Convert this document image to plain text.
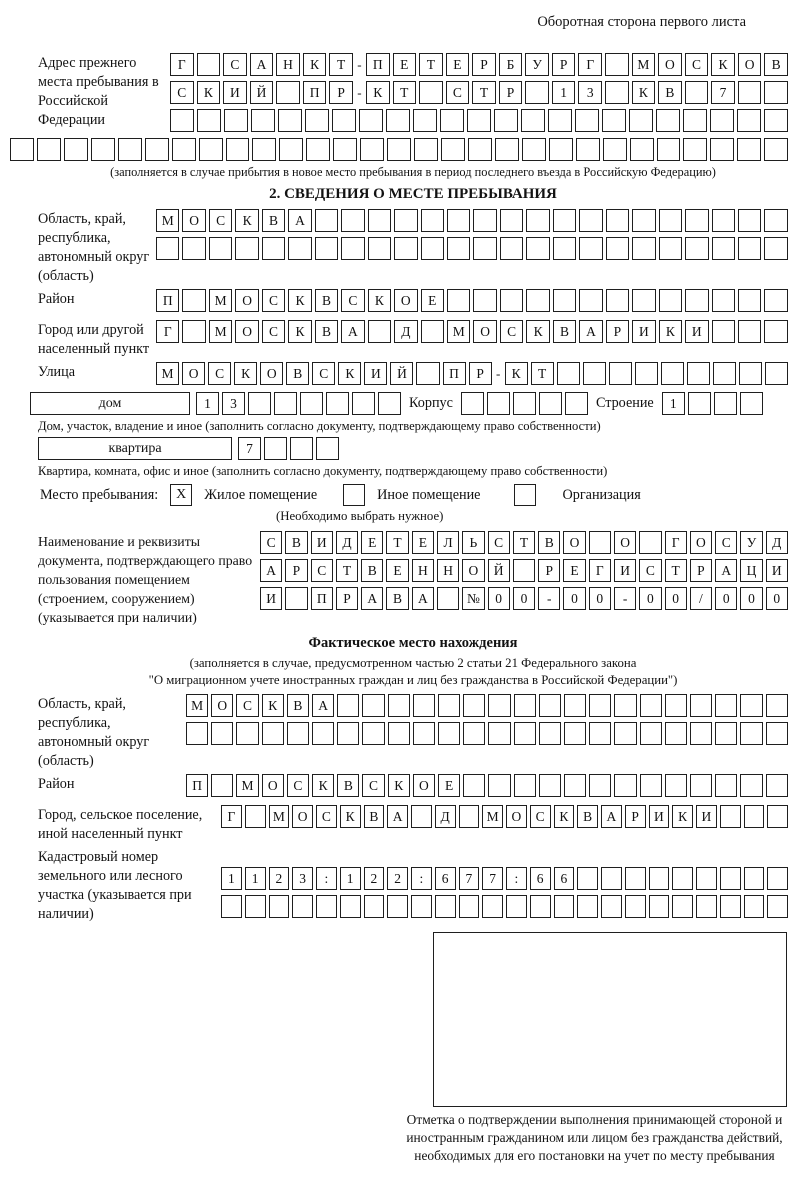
Оборотная сторона первого листа
Адрес прежнего места пребывания в Российской Федерации
Г	С	А	Н	К	Т - П	Е	Т	Е	Р	Б	У	Р	Г	М	О	С	К	О	В
С	К	И	Й	П	Р - К	Т	С	Т	Р	1	3	К	В	7
(заполняется в случае прибытия в новое место пребывания в период последнего въезда в Российскую Федерацию)
2. СВЕДЕНИЯ О МЕСТЕ ПРЕБЫВАНИЯ
Область, край, республика, автономный округ (область)
М	О	С	К	В	А
Район	П	М	О	С	К	В	С	К	О	Е
Город или другой населенный пункт
Г	М	О	С	К	В	А	Д	М	О	С	К	В	А	Р	И	К	И
Улица	М	О	С	К	О	В	С	К	И	Й	П	Р - К	Т
дом	1	3	Корпус	Строение	1
Дом, участок, владение и иное (заполнить согласно документу, подтверждающему право собственности)
квартира	7
Квартира, комната, офис и иное (заполнить согласно документу, подтверждающему право собственности)
Место пребывания:	X	Жилое помещение	Иное помещение	Организация
(Необходимо выбрать нужное)
Наименование и реквизиты документа, подтверждающего право пользования помещением (строением, сооружением) (указывается при наличии)
С	В	И	Д	Е	Т	Е	Л	Ь	С	Т	В	О	О	Г	О	С	У	Д
А	Р	С	Т	В	Е	Н	Н	О	Й	Р	Е	Г	И	С	Т	Р	А	Ц	И
И	П	Р	А	В	А	№	0	0	-	0	0	-	0	0	/	0	0	0
Фактическое место нахождения
(заполняется в случае, предусмотренном частью 2 статьи 21 Федерального закона
"О миграционном учете иностранных граждан и лиц без гражданства в Российской Федерации")
Область, край, республика, автономный округ (область)
М	О	С	К	В	А
Район	П	М	О	С	К	В	С	К	О	Е
Город, сельское поселение, иной населенный пункт
Г	М О	С	К	В	А	Д	М О	С	К	В	А	Р	И	К	И
Кадастровый номер земельного или лесного участка (указывается при наличии)
1	1	2	3	:	1	2	2	:	6	7	7	:	6	6
Отметка о подтверждении выполнения принимающей стороной и иностранным гражданином или лицом без гражданства действий, необходимых для его постановки на учет по месту пребывания
